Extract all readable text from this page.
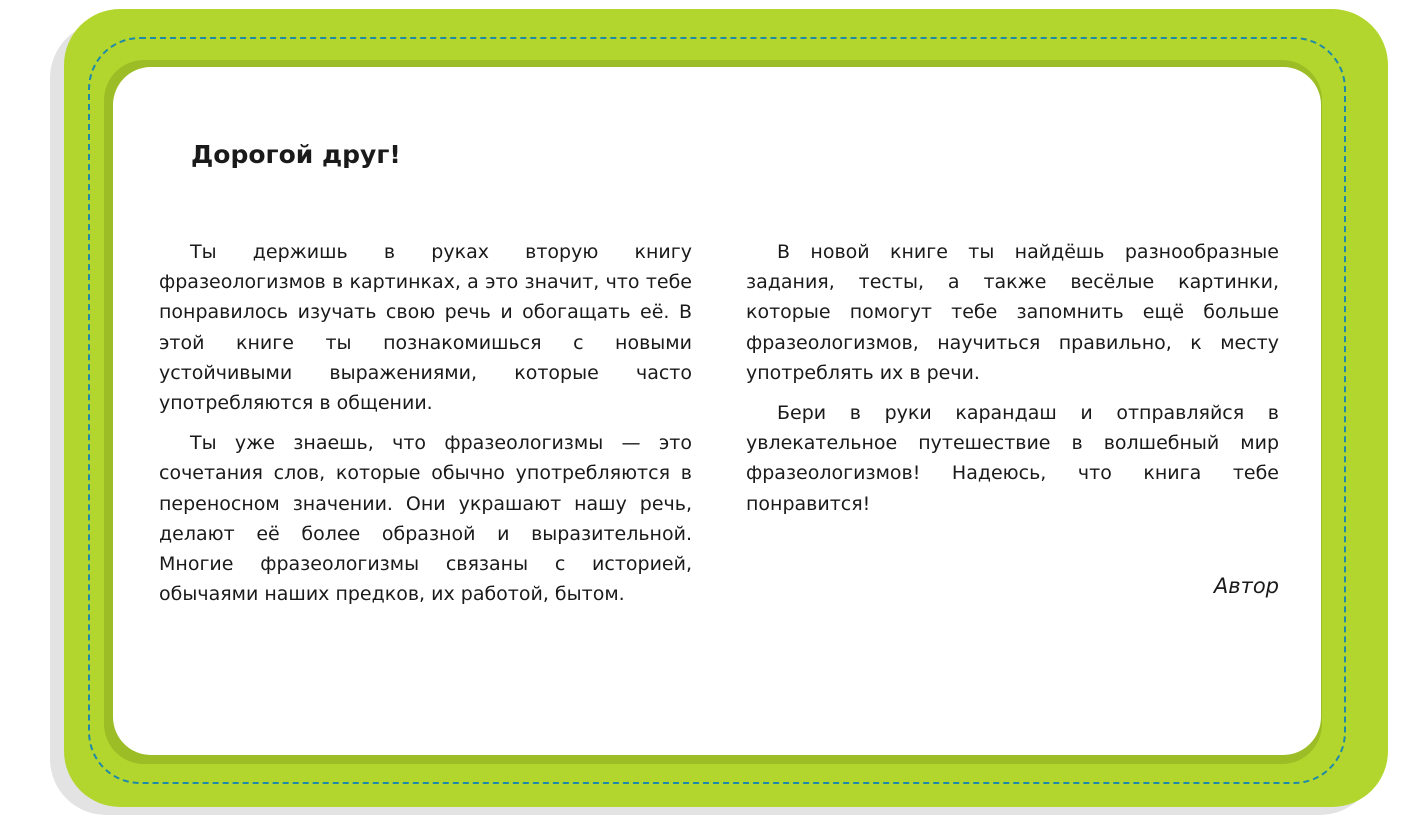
Дорогой друг!

Ты держишь в руках вторую книгу фразеологизмов в картинках, а это значит, что тебе понравилось изучать свою речь и обогащать её. В этой книге ты познакомишься с новыми устойчивыми выражениями, которые часто употребляются в общении.

Ты уже знаешь, что фразеологизмы — это сочетания слов, которые обычно употребляются в переносном значении. Они украшают нашу речь, делают её более образной и выразительной. Многие фразеологизмы связаны с историей, обычаями наших предков, их работой, бытом.

В новой книге ты найдёшь разнообразные задания, тесты, а также весёлые картинки, которые помогут тебе запомнить ещё больше фразеологизмов, научиться правильно, к месту употреблять их в речи.

Бери в руки карандаш и отправляйся в увлекательное путешествие в волшебный мир фразеологизмов! Надеюсь, что книга тебе понравится!

Автор
